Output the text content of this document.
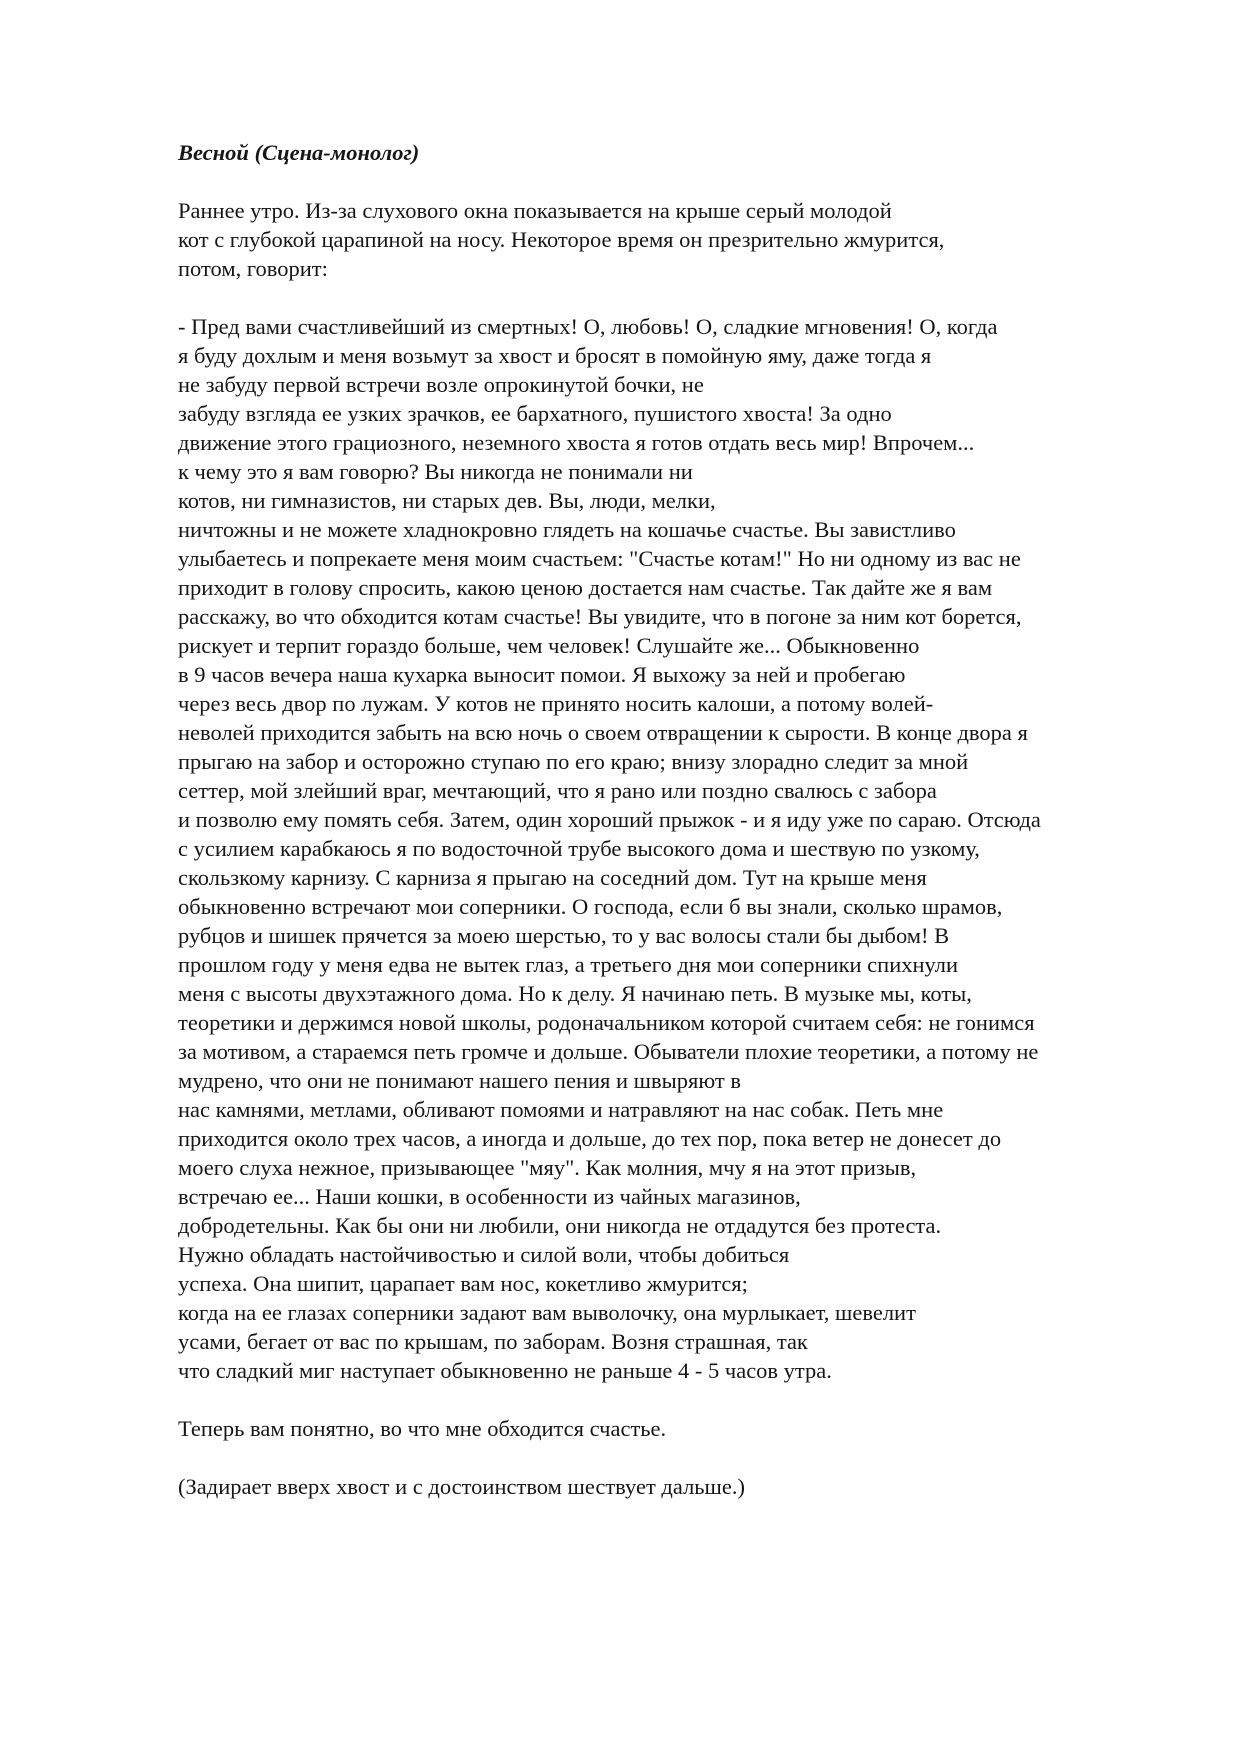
Весной (Сцена-монолог)
Раннее утро. Из-за слухового окна показывается на крыше серый молодой
кот с глубокой царапиной на носу. Некоторое время он презрительно жмурится,
потом, говорит:
- Пред вами счастливейший из смертных! О, любовь! О, сладкие мгновения! О, когда
я буду дохлым и меня возьмут за хвост и бросят в помойную яму, даже тогда я
не забуду первой встречи возле опрокинутой бочки, не
забуду взгляда ее узких зрачков, ее бархатного, пушистого хвоста! За одно
движение этого грациозного, неземного хвоста я готов отдать весь мир! Впрочем...
к чему это я вам говорю? Вы никогда не понимали ни
котов, ни гимназистов, ни старых дев. Вы, люди, мелки,
ничтожны и не можете хладнокровно глядеть на кошачье счастье. Вы завистливо
улыбаетесь и попрекаете меня моим счастьем: "Счастье котам!" Но ни одному из вас не
приходит в голову спросить, какою ценою достается нам счастье. Так дайте же я вам
расскажу, во что обходится котам счастье! Вы увидите, что в погоне за ним кот борется,
рискует и терпит гораздо больше, чем человек! Слушайте же... Обыкновенно
в 9 часов вечера наша кухарка выносит помои. Я выхожу за ней и пробегаю
через весь двор по лужам. У котов не принято носить калоши, а потому волей-
неволей приходится забыть на всю ночь о своем отвращении к сырости. В конце двора я
прыгаю на забор и осторожно ступаю по его краю; внизу злорадно следит за мной
сеттер, мой злейший враг, мечтающий, что я рано или поздно свалюсь с забора
и позволю ему помять себя. Затем, один хороший прыжок - и я иду уже по сараю. Отсюда
с усилием карабкаюсь я по водосточной трубе высокого дома и шествую по узкому,
скользкому карнизу. С карниза я прыгаю на соседний дом. Тут на крыше меня
обыкновенно встречают мои соперники. О господа, если б вы знали, сколько шрамов,
рубцов и шишек прячется за моею шерстью, то у вас волосы стали бы дыбом! В
прошлом году у меня едва не вытек глаз, а третьего дня мои соперники спихнули
меня с высоты двухэтажного дома. Но к делу. Я начинаю петь. В музыке мы, коты,
теоретики и держимся новой школы, родоначальником которой считаем себя: не гонимся
за мотивом, а стараемся петь громче и дольше. Обыватели плохие теоретики, а потому не
мудрено, что они не понимают нашего пения и швыряют в
нас камнями, метлами, обливают помоями и натравляют на нас собак. Петь мне
приходится около трех часов, а иногда и дольше, до тех пор, пока ветер не донесет до
моего слуха нежное, призывающее "мяу". Как молния, мчу я на этот призыв,
встречаю ее... Наши кошки, в особенности из чайных магазинов,
добродетельны. Как бы они ни любили, они никогда не отдадутся без протеста.
Нужно обладать настойчивостью и силой воли, чтобы добиться
успеха. Она шипит, царапает вам нос, кокетливо жмурится;
когда на ее глазах соперники задают вам выволочку, она мурлыкает, шевелит
усами, бегает от вас по крышам, по заборам. Возня страшная, так
что сладкий миг наступает обыкновенно не раньше 4 - 5 часов утра.
Теперь вам понятно, во что мне обходится счастье.
(Задирает вверх хвост и с достоинством шествует дальше.)
